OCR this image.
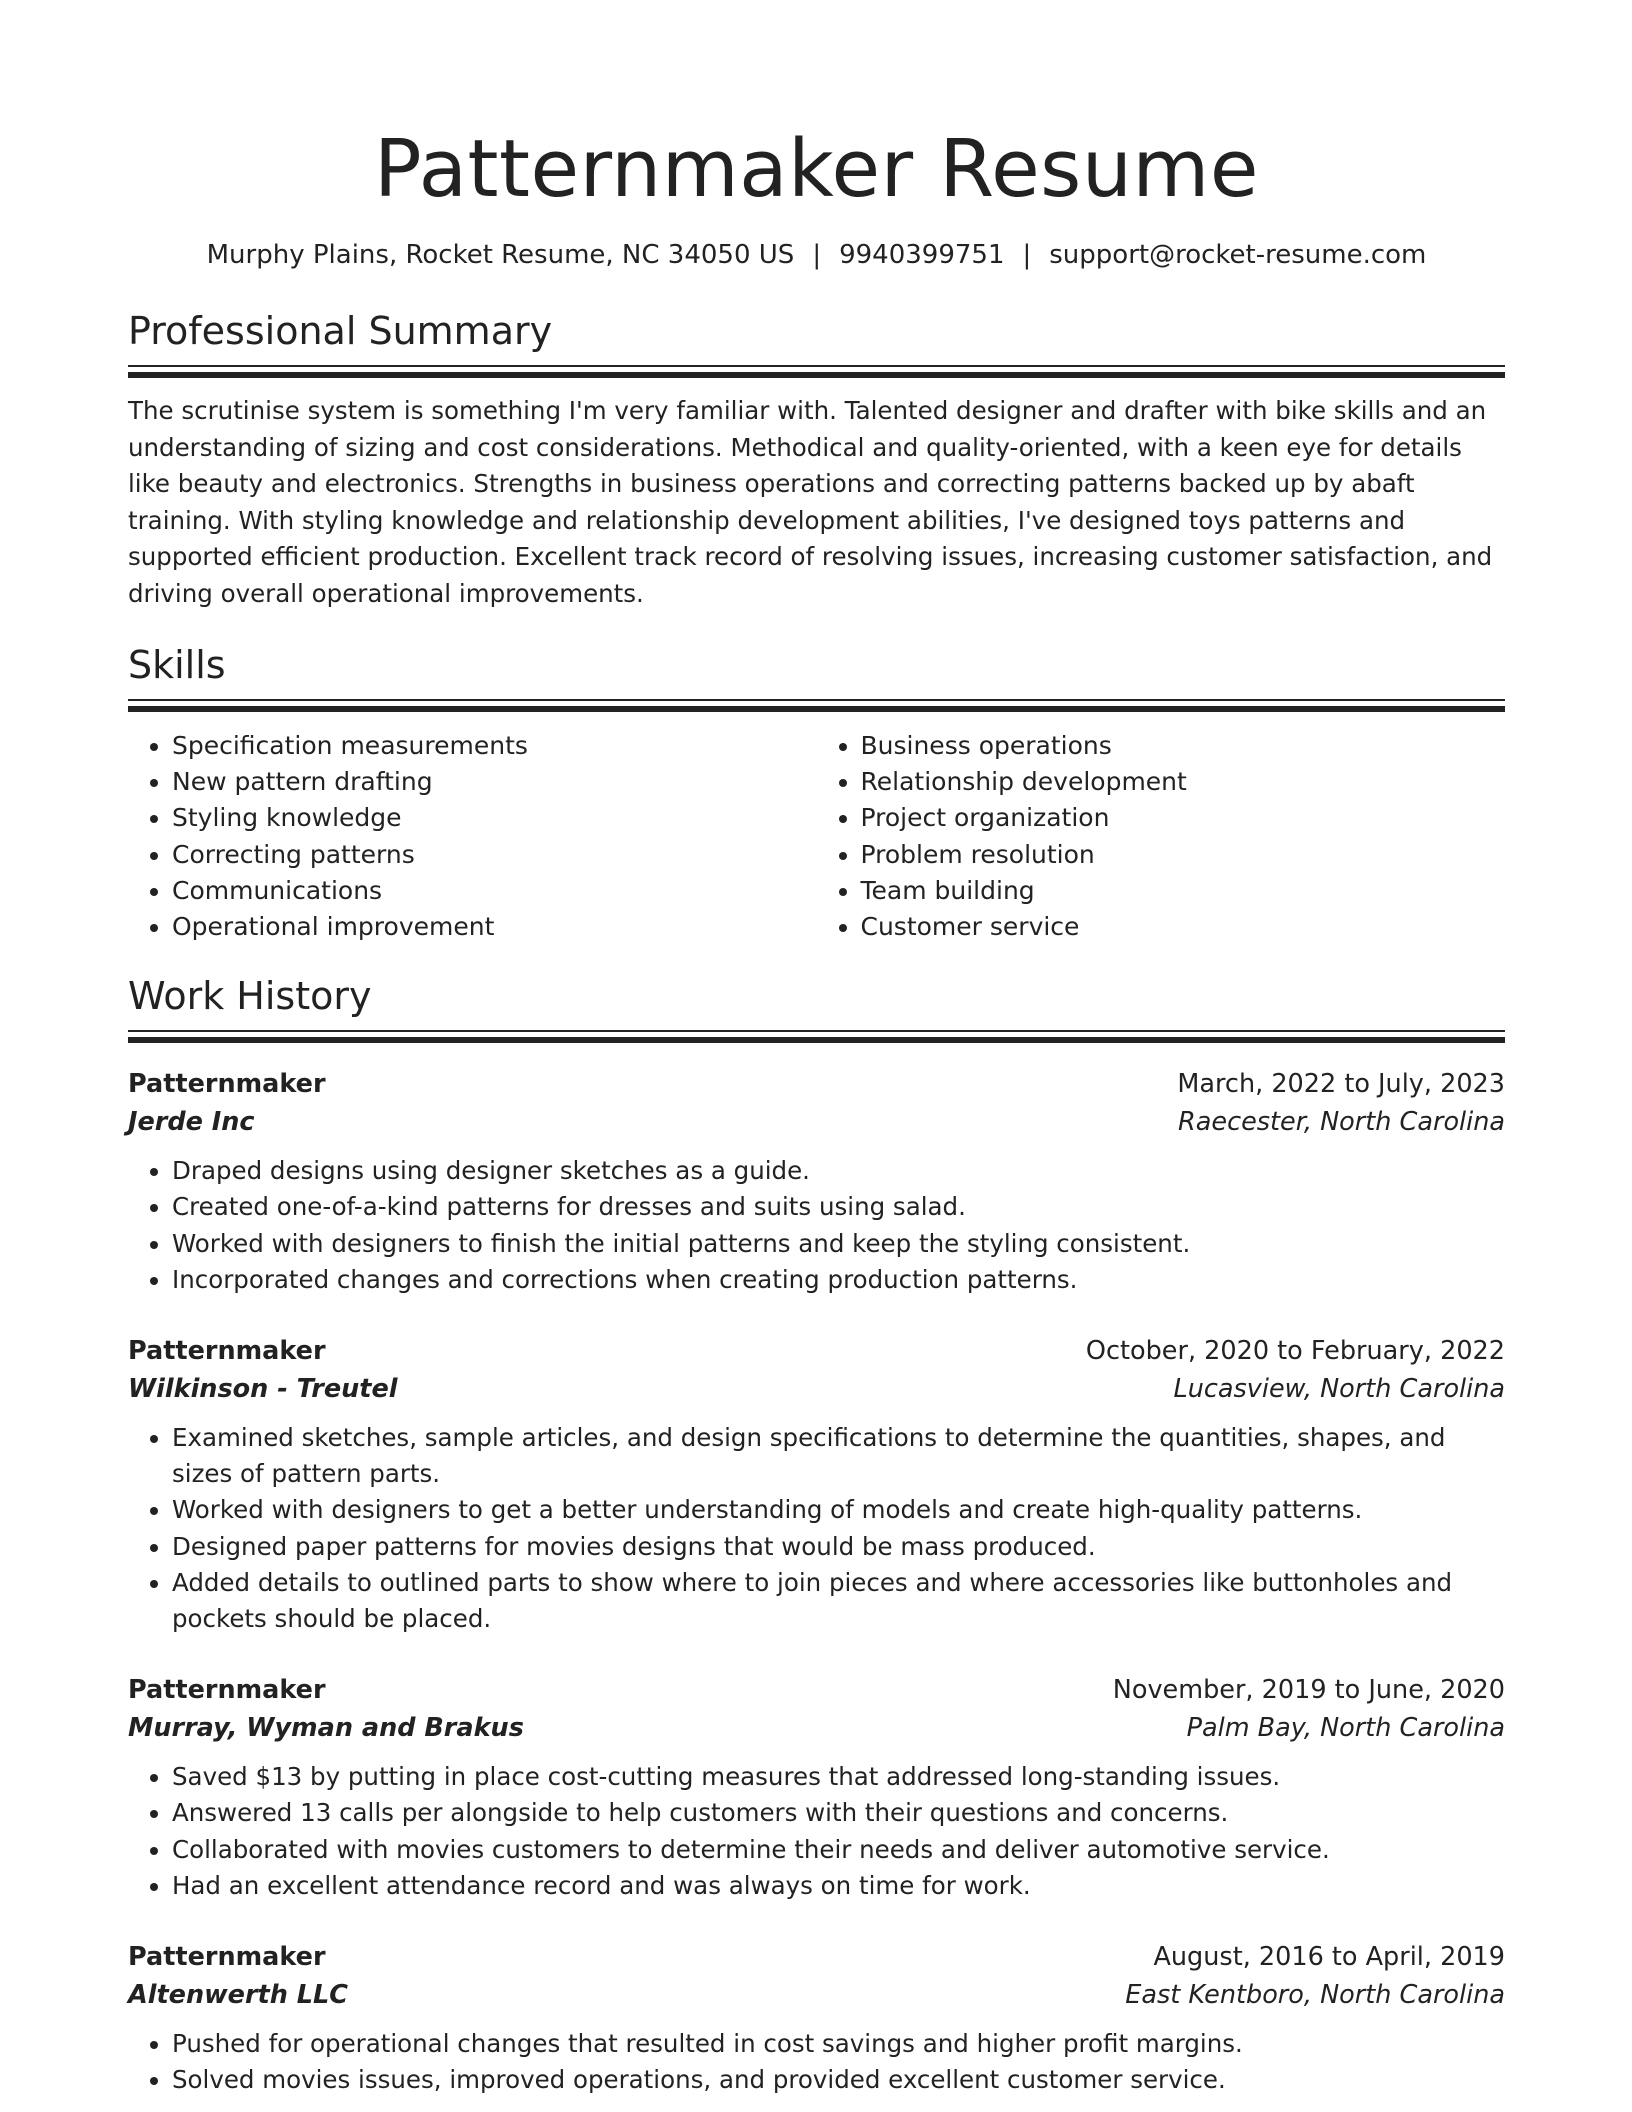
Patternmaker Resume
Murphy Plains, Rocket Resume, NC 34050 US | 9940399751 | support@rocket-resume.com
Professional Summary

The scrutinise system is something I'm very familiar with. Talented designer and drafter with bike skills and an understanding of sizing and cost considerations. Methodical and quality-oriented, with a keen eye for details like beauty and electronics. Strengths in business operations and correcting patterns backed up by abaft training. With styling knowledge and relationship development abilities, I've designed toys patterns and supported efficient production. Excellent track record of resolving issues, increasing customer satisfaction, and driving overall operational improvements.

Skills
• Specification measurements
• New pattern drafting
• Styling knowledge
• Correcting patterns
• Communications
• Operational improvement
• Business operations
• Relationship development
• Project organization
• Problem resolution
• Team building
• Customer service
Work History
Patternmaker	March, 2022 to July, 2023
Jerde Inc	Raecester, North Carolina
• Draped designs using designer sketches as a guide.
• Created one-of-a-kind patterns for dresses and suits using salad.
• Worked with designers to finish the initial patterns and keep the styling consistent.
• Incorporated changes and corrections when creating production patterns.
Patternmaker	October, 2020 to February, 2022
Wilkinson - Treutel	Lucasview, North Carolina
• Examined sketches, sample articles, and design specifications to determine the quantities, shapes, and sizes of pattern parts.
• Worked with designers to get a better understanding of models and create high-quality patterns.
• Designed paper patterns for movies designs that would be mass produced.
• Added details to outlined parts to show where to join pieces and where accessories like buttonholes and pockets should be placed.
Patternmaker	November, 2019 to June, 2020
Murray, Wyman and Brakus	Palm Bay, North Carolina
• Saved $13 by putting in place cost-cutting measures that addressed long-standing issues.
• Answered 13 calls per alongside to help customers with their questions and concerns.
• Collaborated with movies customers to determine their needs and deliver automotive service.
• Had an excellent attendance record and was always on time for work.
Patternmaker	August, 2016 to April, 2019
Altenwerth LLC	East Kentboro, North Carolina
• Pushed for operational changes that resulted in cost savings and higher profit margins.
• Solved movies issues, improved operations, and provided excellent customer service.
